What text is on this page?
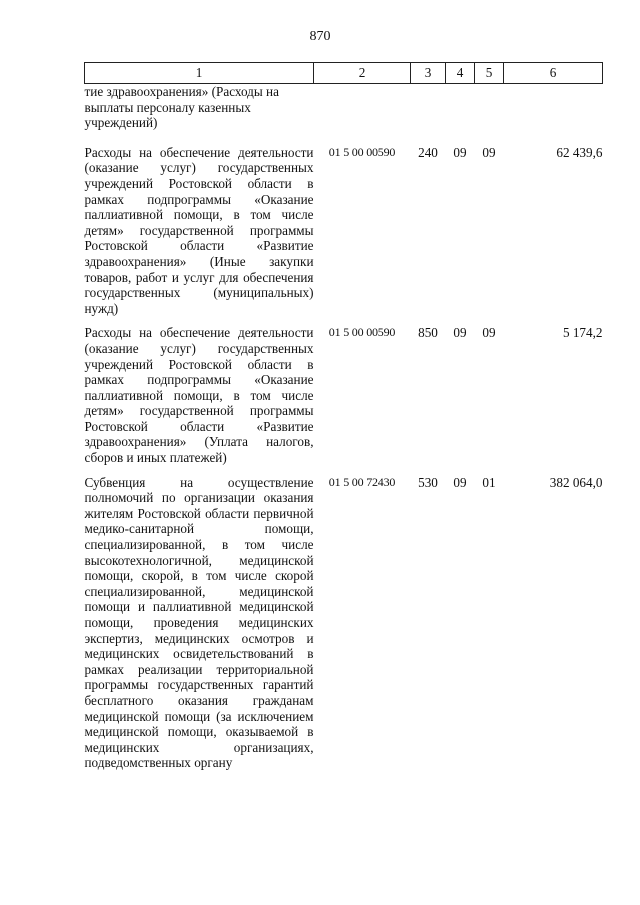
870
1	2	3	4	5	6
тие здравоохранения» (Расходы на выплаты персоналу казенных учреждений)					
Расходы на обеспечение деятельности (оказание услуг) государственных учреждений Ростовской области в рамках подпрограммы «Оказание паллиативной помощи, в том числе детям» государственной программы Ростовской области «Развитие здравоохранения» (Иные закупки товаров, работ и услуг для обеспечения государственных (муниципальных) нужд)	01 5 00 00590	240	09	09	62 439,6
Расходы на обеспечение деятельности (оказание услуг) государственных учреждений Ростовской области в рамках подпрограммы «Оказание паллиативной помощи, в том числе детям» государственной программы Ростовской области «Развитие здравоохранения» (Уплата налогов, сборов и иных платежей)	01 5 00 00590	850	09	09	5 174,2
Субвенция на осуществление полномочий по организации оказания жителям Ростовской области первичной медико-санитарной помощи, специализированной, в том числе высокотехнологичной, медицинской помощи, скорой, в том числе скорой специализированной, медицинской помощи и паллиативной медицинской помощи, проведения медицинских экспертиз, медицинских осмотров и медицинских освидетельствований в рамках реализации территориальной программы государственных гарантий бесплатного оказания гражданам медицинской помощи (за исключением медицинской помощи, оказываемой в медицинских организациях, подведомственных органу	01 5 00 72430	530	09	01	382 064,0
